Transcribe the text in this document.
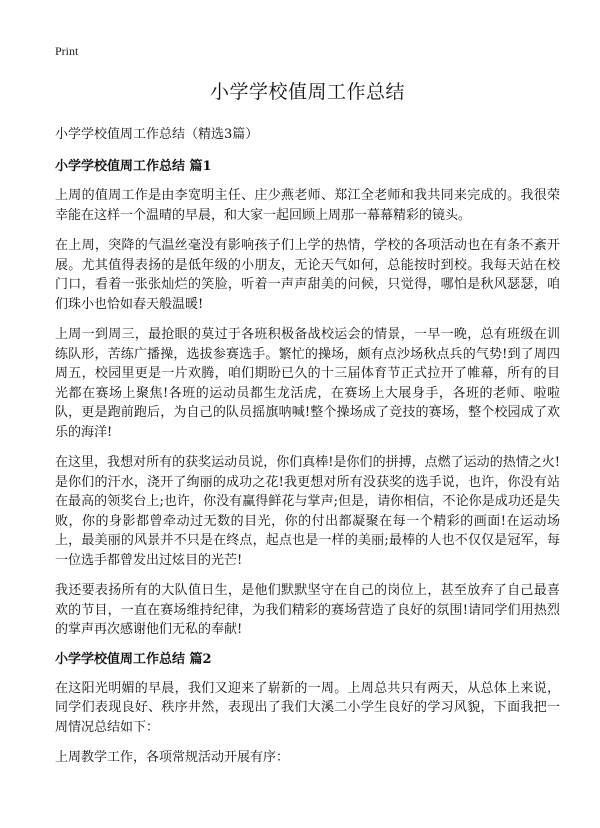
Print
小学学校值周工作总结
小学学校值周工作总结（精选3篇）
小学学校值周工作总结 篇1

上周的值周工作是由李宽明主任、庄少燕老师、郑江全老师和我共同来完成的。我很荣幸能在这样一个温晴的早晨，和大家一起回顾上周那一幕幕精彩的镜头。

在上周，突降的气温丝毫没有影响孩子们上学的热情，学校的各项活动也在有条不紊开展。尤其值得表扬的是低年级的小朋友，无论天气如何，总能按时到校。我每天站在校门口，看着一张张灿烂的笑脸，听着一声声甜美的问候，只觉得，哪怕是秋风瑟瑟，咱们珠小也恰如春天般温暖!

上周一到周三，最抢眼的莫过于各班积极备战校运会的情景，一早一晚，总有班级在训练队形，苦练广播操，选拔参赛选手。繁忙的操场，颇有点沙场秋点兵的气势!到了周四周五，校园里更是一片欢腾，咱们期盼已久的十三届体育节正式拉开了帷幕，所有的目光都在赛场上聚焦!各班的运动员都生龙活虎，在赛场上大展身手，各班的老师、啦啦队，更是跑前跑后，为自己的队员摇旗呐喊!整个操场成了竞技的赛场，整个校园成了欢乐的海洋!

在这里，我想对所有的获奖运动员说，你们真棒!是你们的拼搏，点燃了运动的热情之火!是你们的汗水，浇开了绚丽的成功之花!我更想对所有没获奖的选手说，也许，你没有站在最高的领奖台上;也许，你没有赢得鲜花与掌声;但是，请你相信，不论你是成功还是失败，你的身影都曾牵动过无数的目光，你的付出都凝聚在每一个精彩的画面!在运动场上，最美丽的风景并不只是在终点，起点也是一样的美丽;最棒的人也不仅仅是冠军，每一位选手都曾发出过炫目的光芒!

我还要表扬所有的大队值日生，是他们默默坚守在自己的岗位上，甚至放弃了自己最喜欢的节目，一直在赛场维持纪律，为我们精彩的赛场营造了良好的氛围!请同学们用热烈的掌声再次感谢他们无私的奉献!

小学学校值周工作总结 篇2

在这阳光明媚的早晨，我们又迎来了崭新的一周。上周总共只有两天，从总体上来说，同学们表现良好、秩序井然，表现出了我们大溪二小学生良好的学习风貌，下面我把一周情况总结如下：

上周教学工作，各项常规活动开展有序：
